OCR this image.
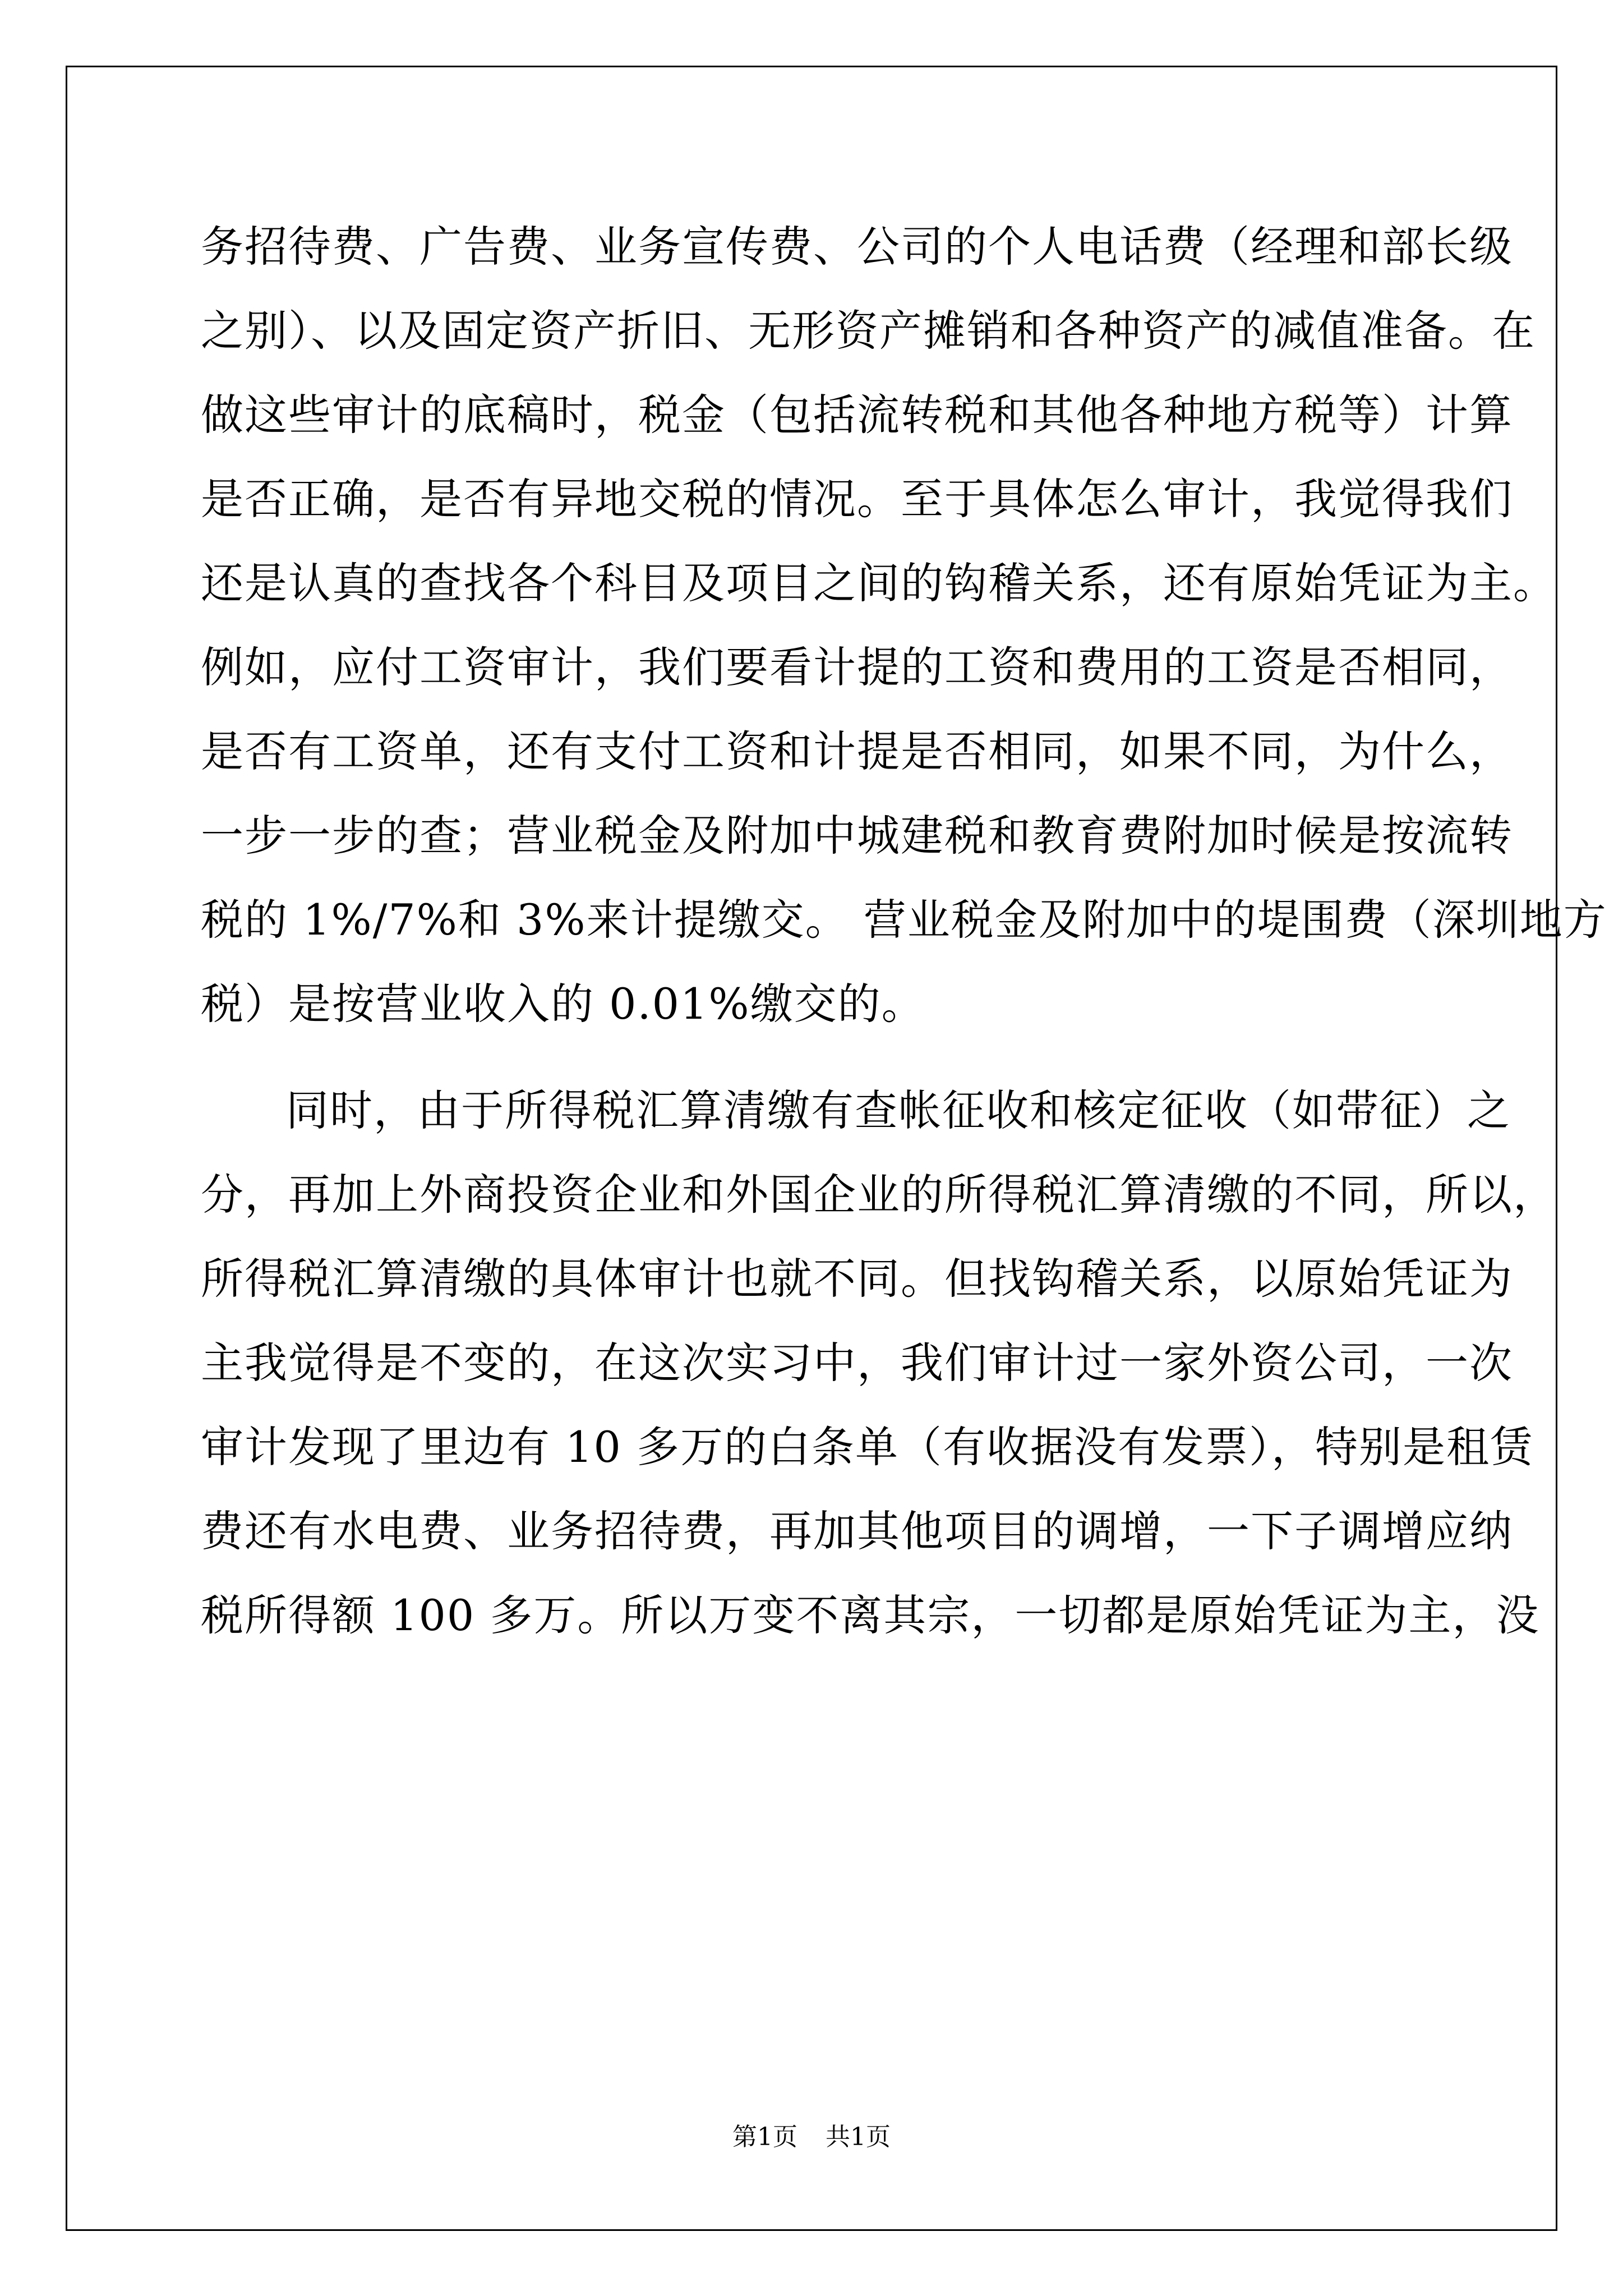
务招待费、广告费、业务宣传费、公司的个人电话费（经理和部长级
之别）、以及固定资产折旧、无形资产摊销和各种资产的减值准备。在
做这些审计的底稿时，税金（包括流转税和其他各种地方税等）计算
是否正确，是否有异地交税的情况。至于具体怎么审计，我觉得我们
还是认真的查找各个科目及项目之间的钩稽关系，还有原始凭证为主。
例如，应付工资审计，我们要看计提的工资和费用的工资是否相同，
是否有工资单，还有支付工资和计提是否相同，如果不同，为什么，
一步一步的查；营业税金及附加中城建税和教育费附加时候是按流转
税的 1%/7%和 3%来计提缴交。 营业税金及附加中的堤围费（深圳地方
税）是按营业收入的 0.01%缴交的。
同时，由于所得税汇算清缴有查帐征收和核定征收（如带征）之
分，再加上外商投资企业和外国企业的所得税汇算清缴的不同，所以，
所得税汇算清缴的具体审计也就不同。但找钩稽关系，以原始凭证为
主我觉得是不变的，在这次实习中，我们审计过一家外资公司，一次
审计发现了里边有 10 多万的白条单（有收据没有发票），特别是租赁
费还有水电费、业务招待费，再加其他项目的调增，一下子调增应纳
税所得额 100 多万。所以万变不离其宗，一切都是原始凭证为主，没
第1页 共1页
